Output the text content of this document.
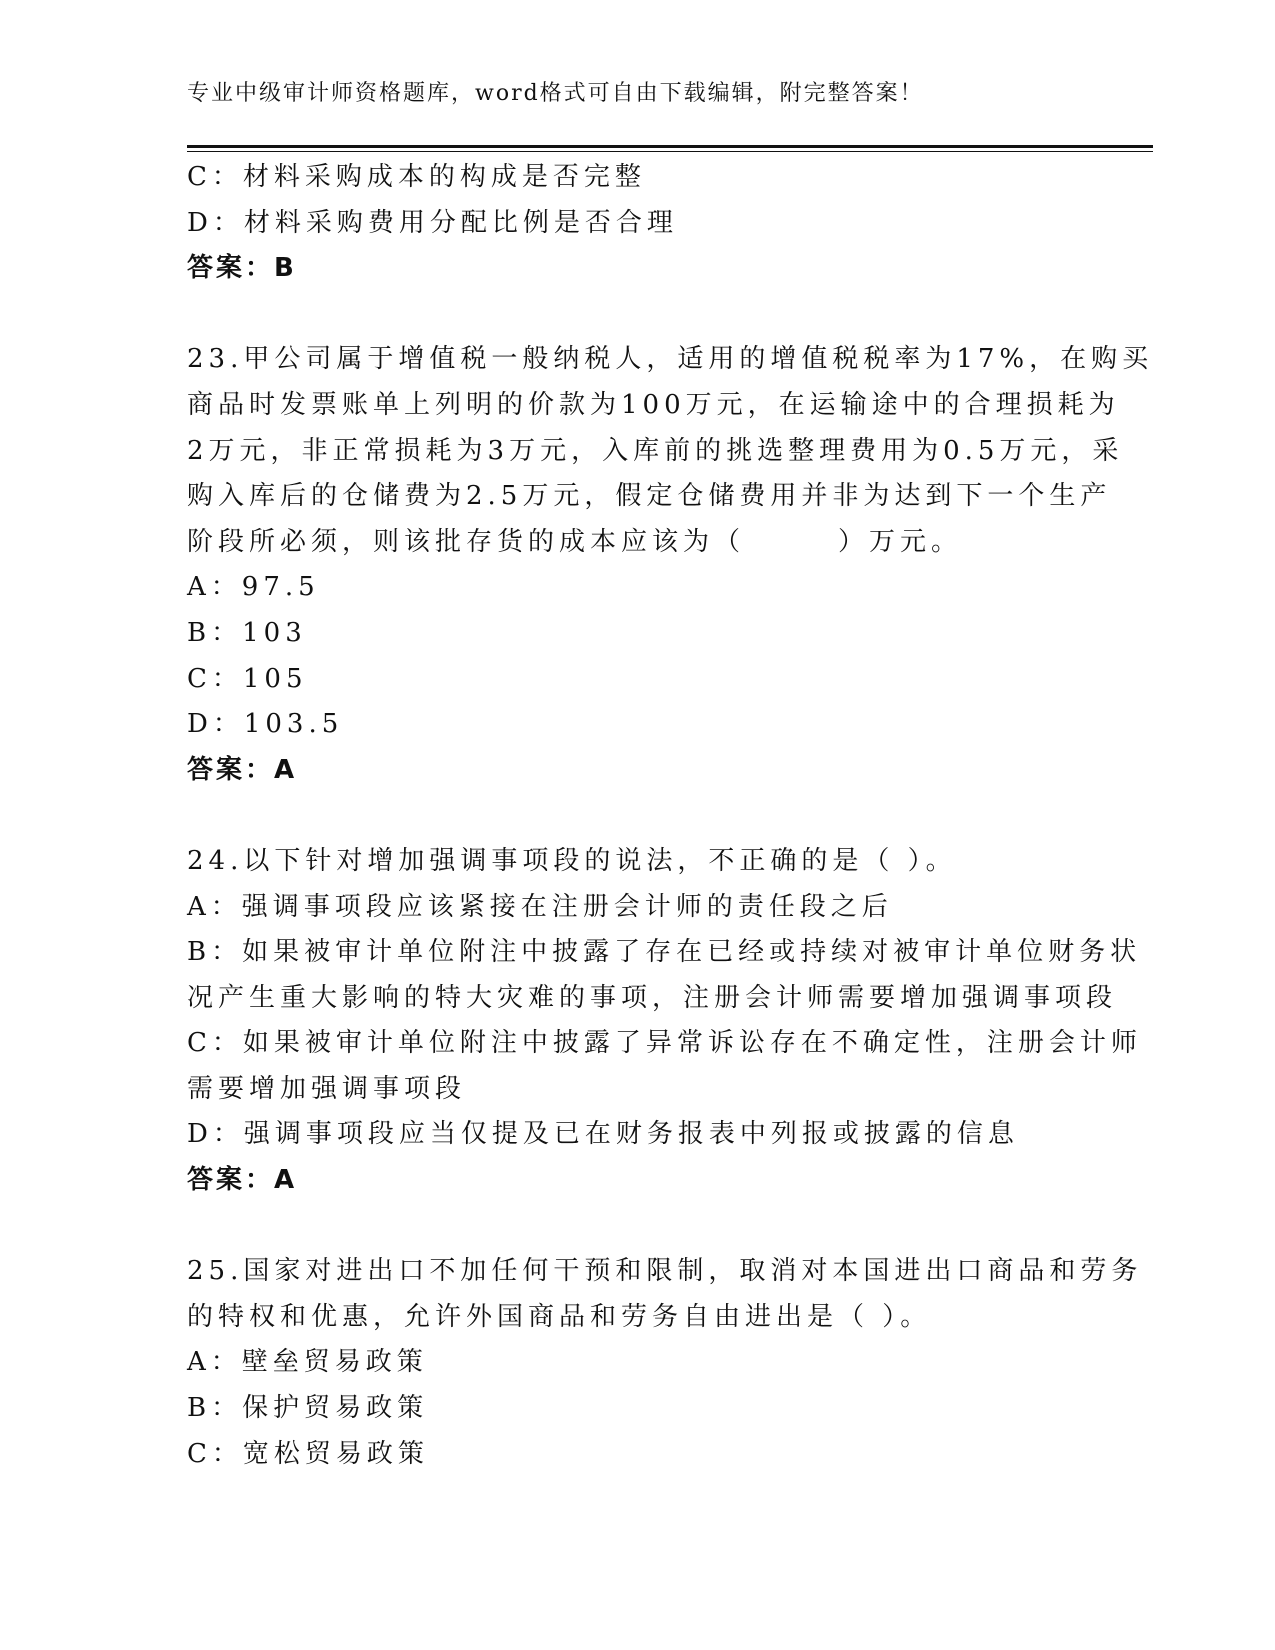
专业中级审计师资格题库，word格式可自由下载编辑，附完整答案！
C：材料采购成本的构成是否完整
D：材料采购费用分配比例是否合理
答案：B
23.甲公司属于增值税一般纳税人，适用的增值税税率为17%，在购买
商品时发票账单上列明的价款为100万元，在运输途中的合理损耗为
2万元，非正常损耗为3万元，入库前的挑选整理费用为0.5万元，采
购入库后的仓储费为2.5万元，假定仓储费用并非为达到下一个生产
阶段所必须，则该批存货的成本应该为（　　　）万元。
A：97.5
B：103
C：105
D：103.5
答案：A
24.以下针对增加强调事项段的说法，不正确的是（ ）。
A：强调事项段应该紧接在注册会计师的责任段之后
B：如果被审计单位附注中披露了存在已经或持续对被审计单位财务状
况产生重大影响的特大灾难的事项，注册会计师需要增加强调事项段
C：如果被审计单位附注中披露了异常诉讼存在不确定性，注册会计师
需要增加强调事项段
D：强调事项段应当仅提及已在财务报表中列报或披露的信息
答案：A
25.国家对进出口不加任何干预和限制，取消对本国进出口商品和劳务
的特权和优惠，允许外国商品和劳务自由进出是（ ）。
A：壁垒贸易政策
B：保护贸易政策
C：宽松贸易政策
